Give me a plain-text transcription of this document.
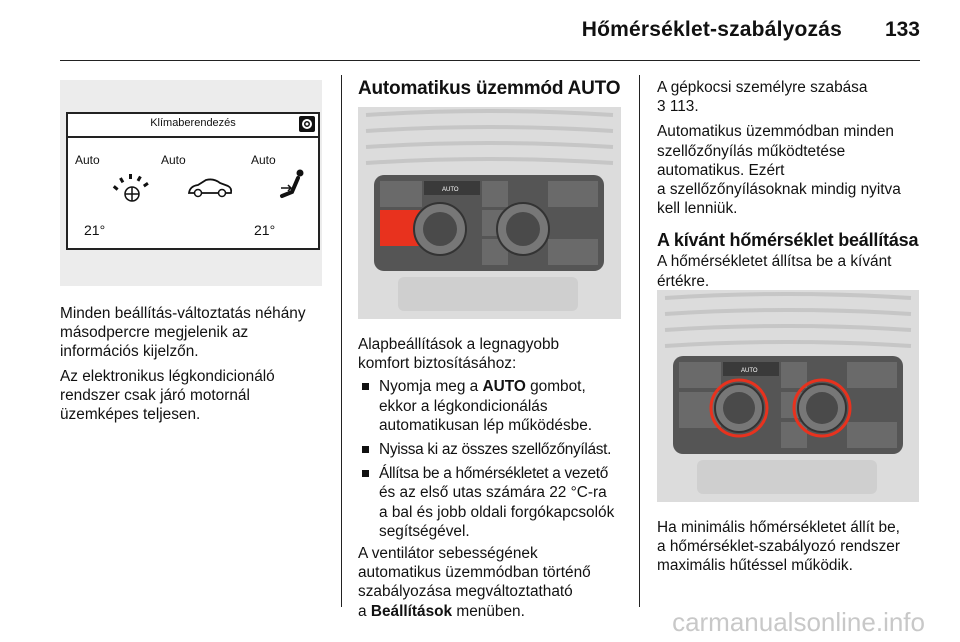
Hőmérséklet-szabályozás 133
Klímaberendezés
Auto	Auto	Auto
21°	21°

Minden beállítás-változtatás néhány
másodpercre megjelenik az
információs kijelzőn.

Az elektronikus légkondicionáló
rendszer csak járó motornál
üzemképes teljesen.

Automatikus üzemmód AUTO
AUTO

Alapbeállítások a legnagyobb
komfort biztosításához:

Nyomja meg a AUTO gombot,
ekkor a légkondicionálás
automatikusan lép működésbe.
Nyissa ki az összes szellőzőnyílást.
Állítsa be a hőmérsékletet a vezető
és az első utas számára 22 °C-ra
a bal és jobb oldali forgókapcsolók
segítségével.

A ventilátor sebességének
automatikus üzemmódban történő
szabályozása megváltoztatható
a Beállítások menüben.

A gépkocsi személyre szabása
3 113.

Automatikus üzemmódban minden
szellőzőnyílás működtetése
automatikus. Ezért
a szellőzőnyílásoknak mindig nyitva
kell lenniük.

A kívánt hőmérséklet beállítása

A hőmérsékletet állítsa be a kívánt
értékre.

AUTO

Ha minimális hőmérsékletet állít be,
a hőmérséklet-szabályozó rendszer
maximális hűtéssel működik.

carmanualsonline.info
